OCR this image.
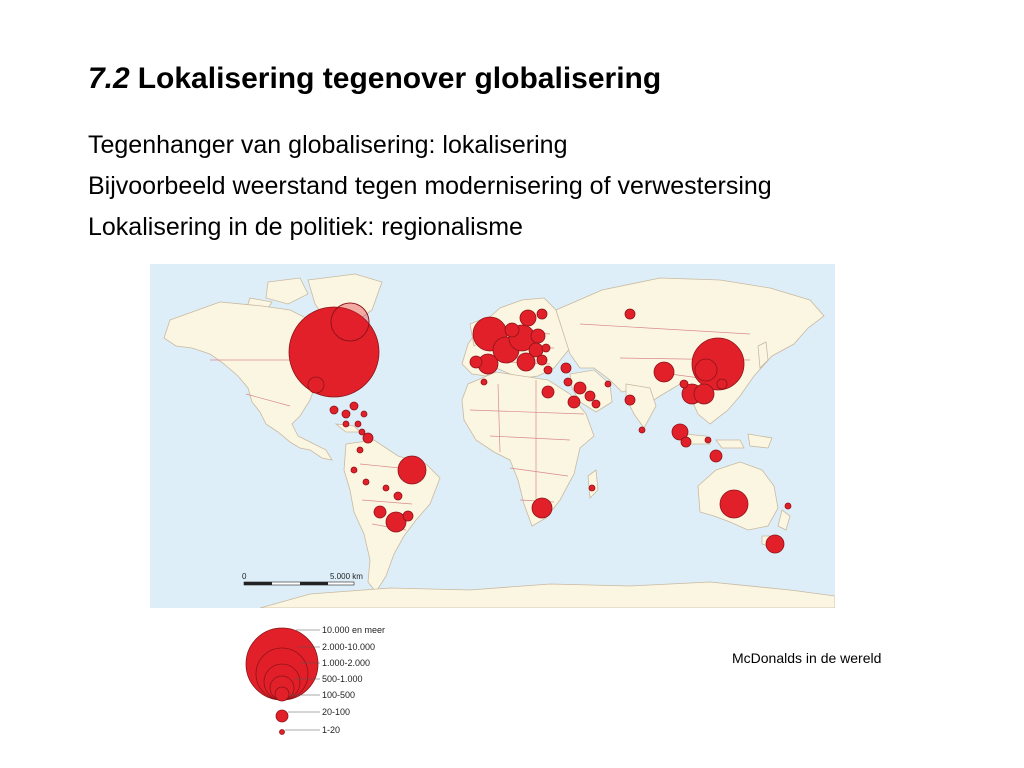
7.2 Lokalisering tegenover globalisering
Tegenhanger van globalisering: lokalisering
Bijvoorbeeld weerstand tegen modernisering of verwestersing
Lokalisering in de politiek: regionalisme
0	5.000 km
10.000 en meer
2.000-10.000
1.000-2.000
500-1.000
100-500
20-100
1-20
McDonalds in de wereld
